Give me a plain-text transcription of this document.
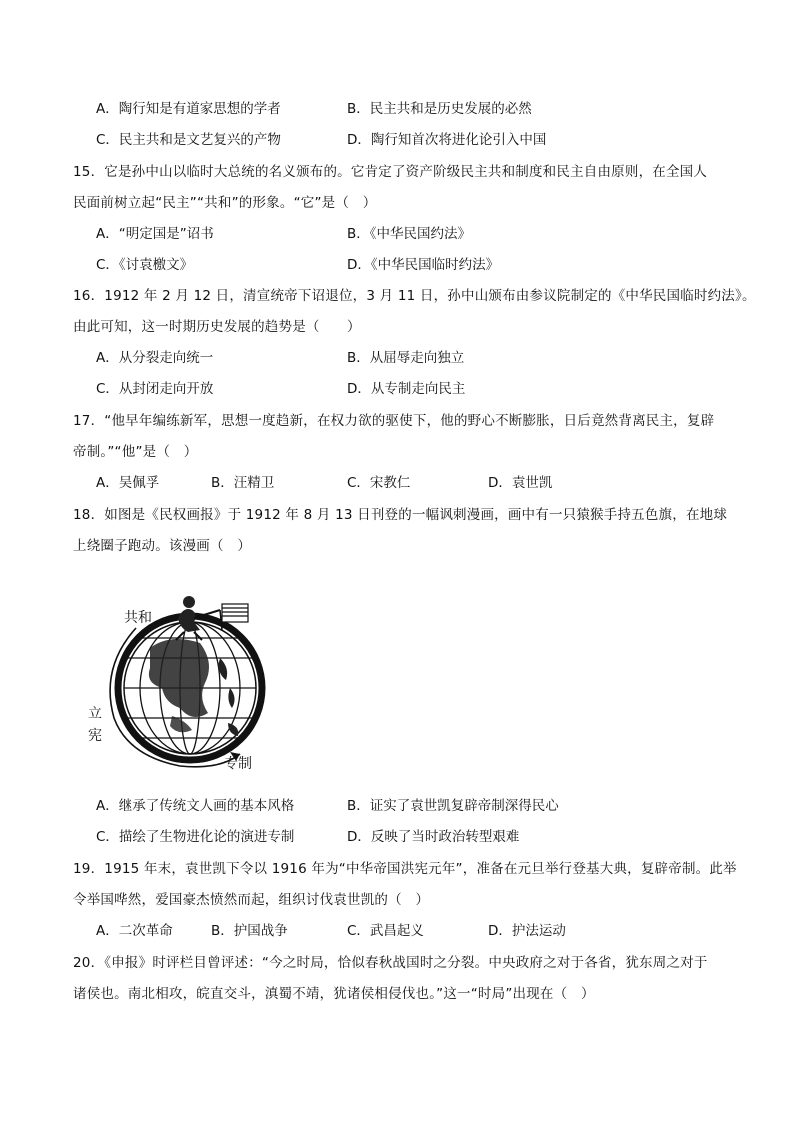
A．陶行知是有道家思想的学者	B．民主共和是历史发展的必然
C．民主共和是文艺复兴的产物	D．陶行知首次将进化论引入中国
15．它是孙中山以临时大总统的名义颁布的。它肯定了资产阶级民主共和制度和民主自由原则，在全国人
民面前树立起“民主”“共和”的形象。“它”是（　）
A．“明定国是”诏书	B．《中华民国约法》
C．《讨袁檄文》	D．《中华民国临时约法》
16．1912 年 2 月 12 日，清宣统帝下诏退位，3 月 11 日，孙中山颁布由参议院制定的《中华民国临时约法》。
由此可知，这一时期历史发展的趋势是（　　）
A．从分裂走向统一	B．从屈辱走向独立
C．从封闭走向开放	D．从专制走向民主
17．“他早年编练新军，思想一度趋新，在权力欲的驱使下，他的野心不断膨胀，日后竟然背离民主，复辟
帝制。”“他”是（　）
A．吴佩孚	B．汪精卫	C．宋教仁	D．袁世凯
18．如图是《民权画报》于 1912 年 8 月 13 日刊登的一幅讽刺漫画，画中有一只猿猴手持五色旗，在地球
上绕圈子跑动。该漫画（　）
共和
立
宪
专制
A．继承了传统文人画的基本风格	B．证实了袁世凯复辟帝制深得民心
C．描绘了生物进化论的演进专制	D．反映了当时政治转型艰难
19．1915 年末，袁世凯下令以 1916 年为“中华帝国洪宪元年”，准备在元旦举行登基大典，复辟帝制。此举
令举国哗然，爱国豪杰愤然而起，组织讨伐袁世凯的（　）
A．二次革命	B．护国战争	C．武昌起义	D．护法运动
20．《申报》时评栏目曾评述：“今之时局，恰似春秋战国时之分裂。中央政府之对于各省，犹东周之对于
诸侯也。南北相攻，皖直交斗，滇蜀不靖，犹诸侯相侵伐也。”这一“时局”出现在（　）
